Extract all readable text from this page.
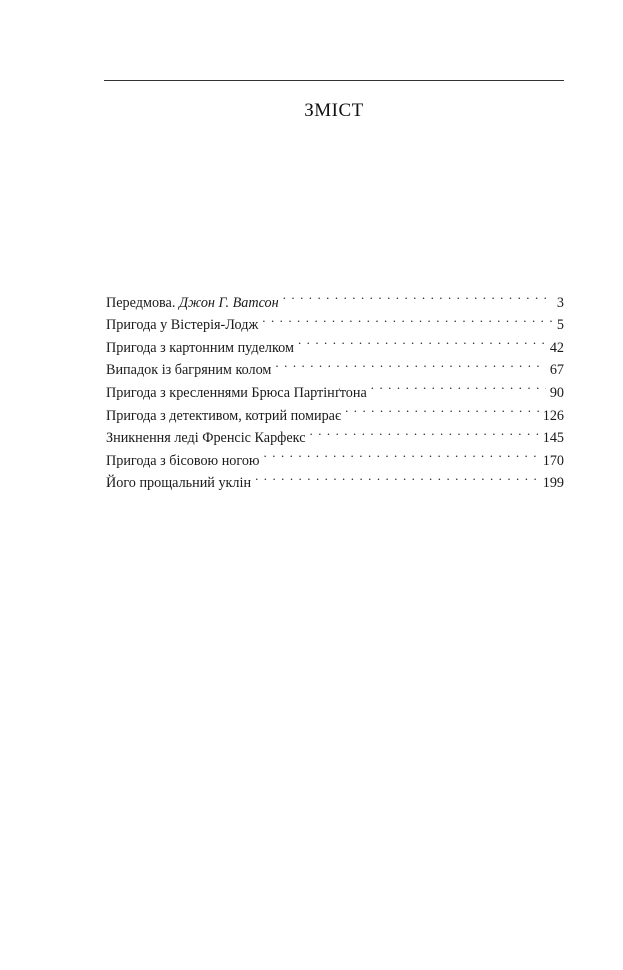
ЗМІСТ
Передмова. Джон Г. Ватсон . . .	3
Пригода у Вістерія-Лодж . . .	5
Пригода з картонним пуделком . . .	42
Випадок із багряним колом . . .	67
Пригода з кресленнями Брюса Партінґтона . . .	90
Пригода з детективом, котрий помирає . . .	126
Зникнення леді Френсіс Карфекс . . .	145
Пригода з бісовою ногою . . .	170
Його прощальний уклін . . .	199
